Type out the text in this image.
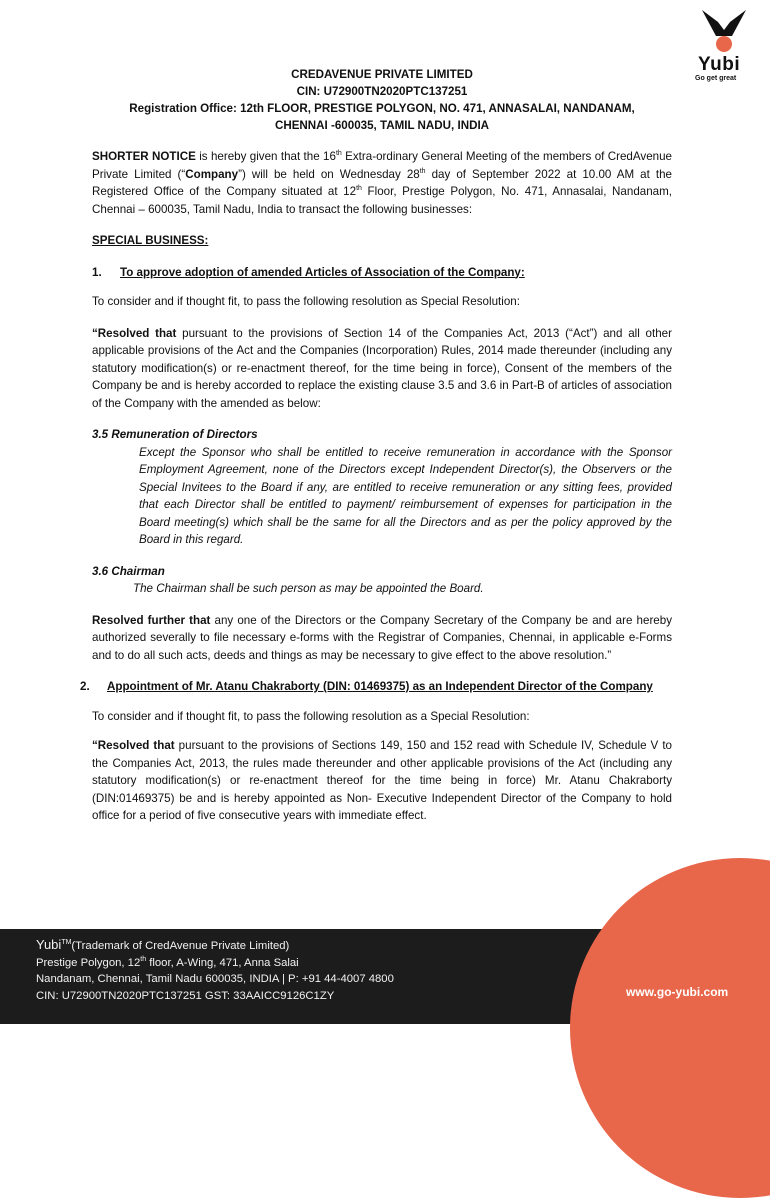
Yubi
Go get great
CREDAVENUE PRIVATE LIMITED
CIN: U72900TN2020PTC137251
Registration Office: 12th FLOOR, PRESTIGE POLYGON, NO. 471, ANNASALAI, NANDANAM,
CHENNAI -600035, TAMIL NADU, INDIA

SHORTER NOTICE is hereby given that the 16th Extra-ordinary General Meeting of the members of CredAvenue Private Limited (“Company”) will be held on Wednesday 28th day of September 2022 at 10.00 AM at the Registered Office of the Company situated at 12th Floor, Prestige Polygon, No. 471, Annasalai, Nandanam, Chennai – 600035, Tamil Nadu, India to transact the following businesses:

SPECIAL BUSINESS:

1. To approve adoption of amended Articles of Association of the Company:

To consider and if thought fit, to pass the following resolution as Special Resolution:

“Resolved that pursuant to the provisions of Section 14 of the Companies Act, 2013 (“Act”) and all other applicable provisions of the Act and the Companies (Incorporation) Rules, 2014 made thereunder (including any statutory modification(s) or re-enactment thereof, for the time being in force), Consent of the members of the Company be and is hereby accorded to replace the existing clause 3.5 and 3.6 in Part-B of articles of association of the Company with the amended as below:

3.5 Remuneration of Directors

Except the Sponsor who shall be entitled to receive remuneration in accordance with the Sponsor Employment Agreement, none of the Directors except Independent Director(s), the Observers or the Special Invitees to the Board if any, are entitled to receive remuneration or any sitting fees, provided that each Director shall be entitled to payment/ reimbursement of expenses for participation in the Board meeting(s) which shall be the same for all the Directors and as per the policy approved by the Board in this regard.

3.6 Chairman

The Chairman shall be such person as may be appointed the Board.

Resolved further that any one of the Directors or the Company Secretary of the Company be and are hereby authorized severally to file necessary e-forms with the Registrar of Companies, Chennai, in applicable e-Forms and to do all such acts, deeds and things as may be necessary to give effect to the above resolution.”

2.	Appointment of Mr. Atanu Chakraborty (DIN: 01469375) as an Independent Director of the Company

To consider and if thought fit, to pass the following resolution as a Special Resolution:

“Resolved that pursuant to the provisions of Sections 149, 150 and 152 read with Schedule IV, Schedule V to the Companies Act, 2013, the rules made thereunder and other applicable provisions of the Act (including any statutory modification(s) or re-enactment thereof for the time being in force) Mr. Atanu Chakraborty (DIN:01469375) be and is hereby appointed as Non- Executive Independent Director of the Company to hold office for a period of five consecutive years with immediate effect.

Yubi™(Trademark of CredAvenue Private Limited)
Prestige Polygon, 12th floor, A-Wing, 471, Anna Salai
Nandanam, Chennai, Tamil Nadu 600035, INDIA | P: +91 44-4007 4800
CIN: U72900TN2020PTC137251 GST: 33AAICC9126C1ZY	www.go-yubi.com
